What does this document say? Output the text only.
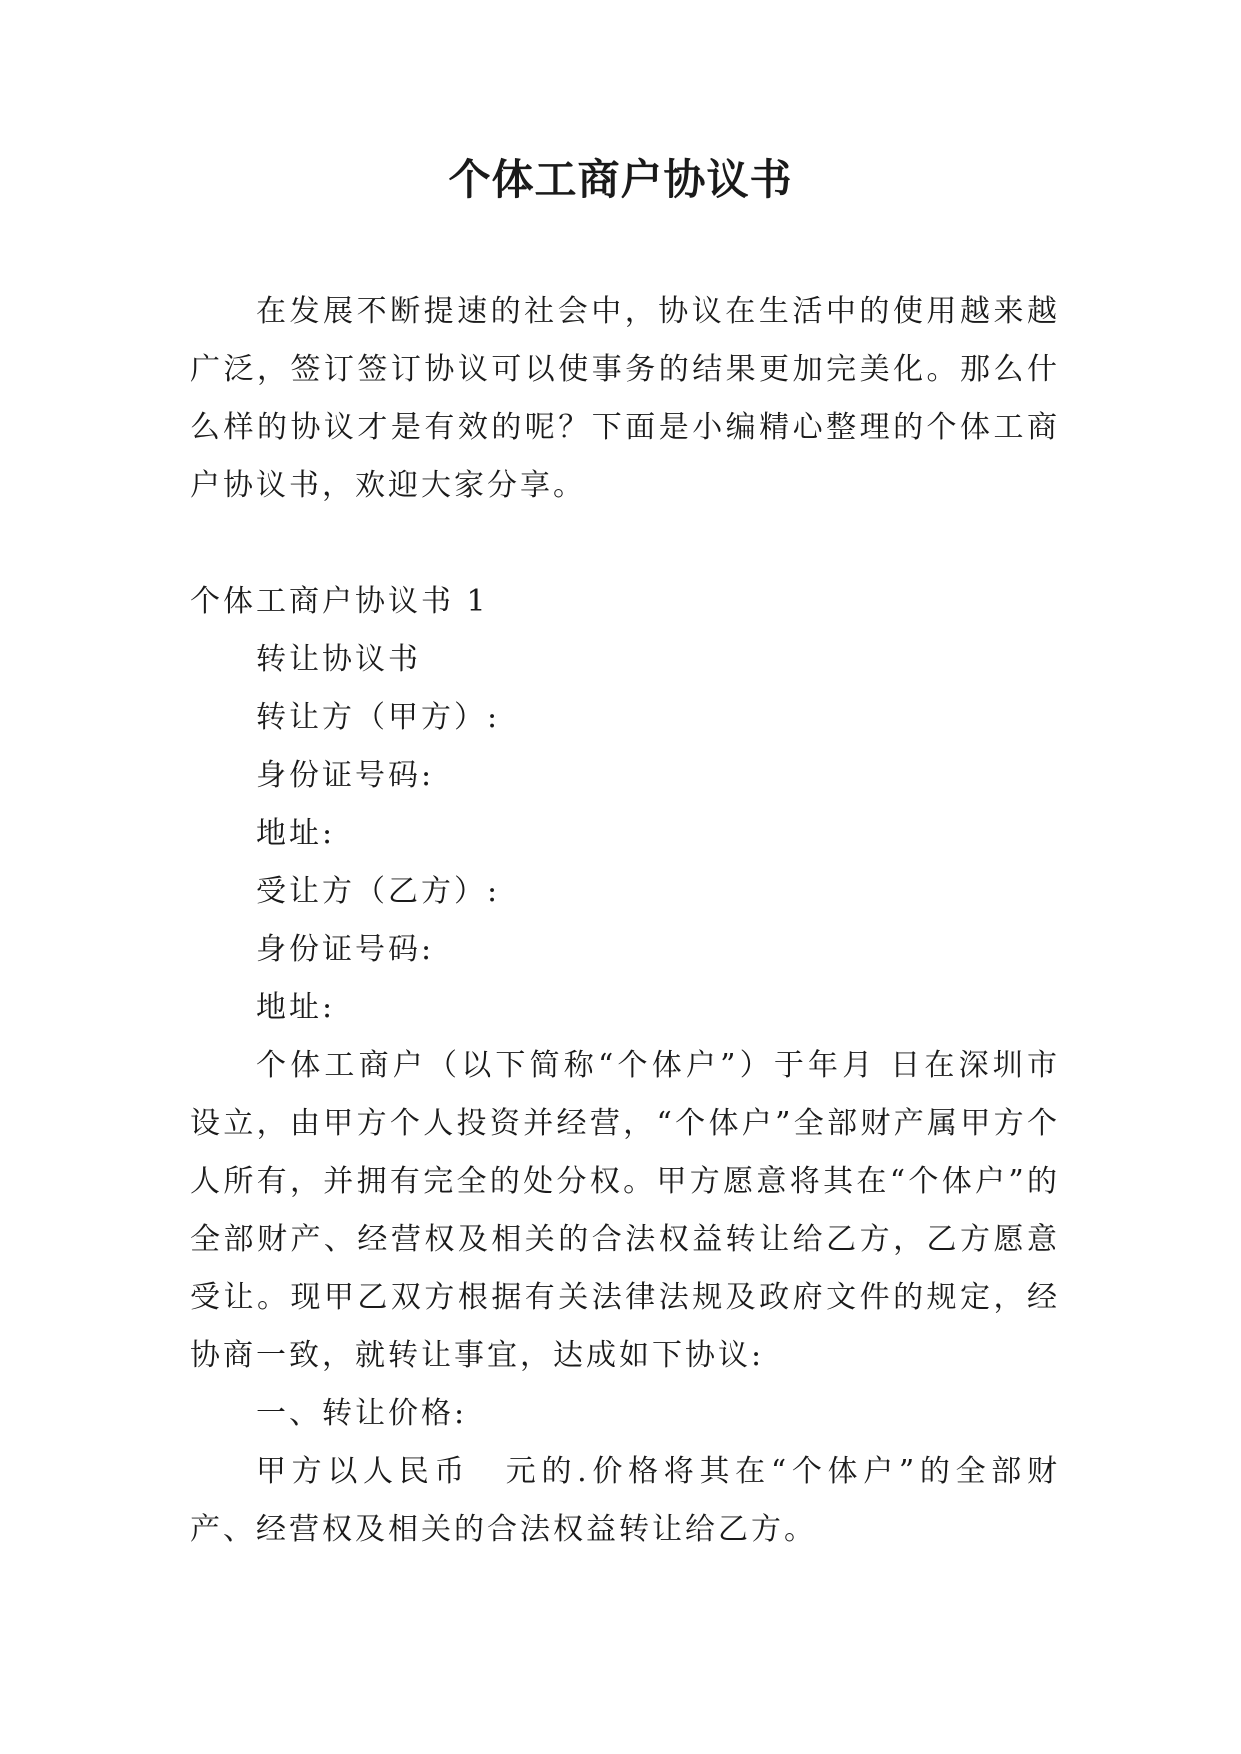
个体工商户协议书

在发展不断提速的社会中，协议在生活中的使用越来越广泛，签订签订协议可以使事务的结果更加完美化。那么什么样的协议才是有效的呢？下面是小编精心整理的个体工商户协议书，欢迎大家分享。

个体工商户协议书 1

转让协议书

转让方（甲方）:

身份证号码:

地址:

受让方（乙方）:

身份证号码:

地址:

个体工商户（以下简称“个体户”）于年月 日在深圳市设立，由甲方个人投资并经营，“个体户”全部财产属甲方个人所有，并拥有完全的处分权。甲方愿意将其在“个体户”的全部财产、经营权及相关的合法权益转让给乙方，乙方愿意受让。现甲乙双方根据有关法律法规及政府文件的规定，经协商一致，就转让事宜，达成如下协议:

一、转让价格:

甲方以人民币　元的.价格将其在“个体户”的全部财产、经营权及相关的合法权益转让给乙方。
